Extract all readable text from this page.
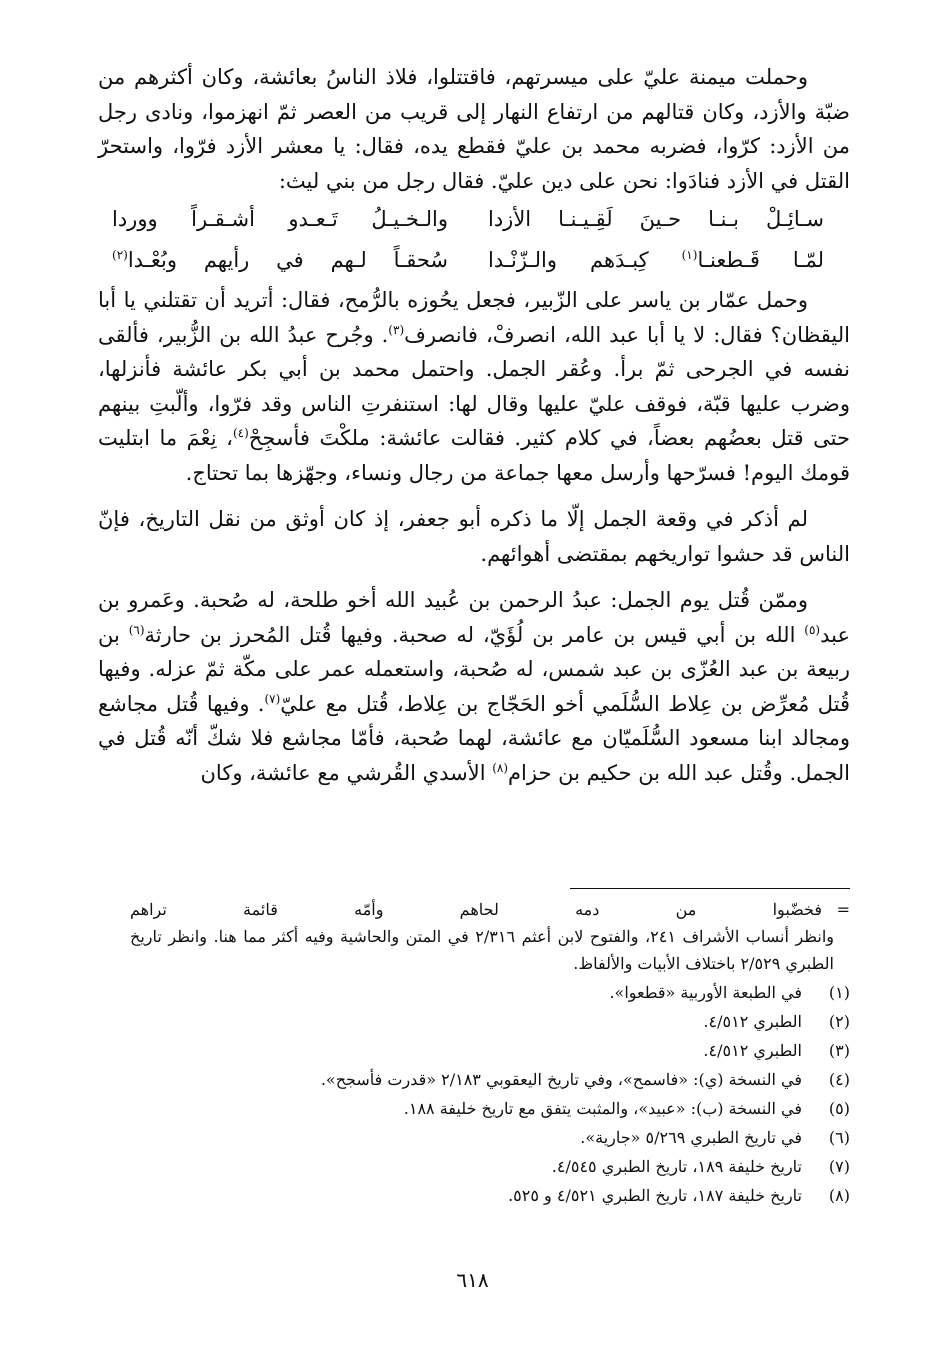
وحملت ميمنة عليّ على ميسرتهم، فاقتتلوا، فلاذ الناسُ بعائشة، وكان أكثرهم من ضبّة والأزد، وكان قتالهم من ارتفاع النهار إلى قريب من العصر ثمّ انهزموا، ونادى رجل من الأزد: كرّوا، فضربه محمد بن عليّ فقطع يده، فقال: يا معشر الأزد فرّوا، واستحرّ القتل في الأزد فنادَوا: نحن على دين عليّ. فقال رجل من بني ليث:

سـائِـلْ بـنـا حـينَ لَقِـيـنـا الأزدا
والـخـيـلُ تَـعـدو أشـقـراً ووردا
لمّـا قَـطعنـا$^{(١)}$ كِبـدَهم والـزّنْـدا
سُحقـاً لـهم في رأيهم وبُعْـدا$^{(٢)}$

وحمل عمّار بن ياسر على الزّبير، فجعل يحُوزه بالرُّمح، فقال: أتريد أن تقتلني يا أبا اليقظان؟ فقال: لا يا أبا عبد الله، انصرفْ، فانصرف$^{(٣)}$. وجُرح عبدُ الله بن الزُّبير، فألقى نفسه في الجرحى ثمّ برأ. وعُقر الجمل. واحتمل محمد بن أبي بكر عائشة فأنزلها، وضرب عليها قبّة، فوقف عليّ عليها وقال لها: استنفرتِ الناس وقد فرّوا، وألّبتِ بينهم حتى قتل بعضُهم بعضاً، في كلام كثير. فقالت عائشة: ملكْتَ فأسجِحْ$^{(٤)}$، نِعْمَ ما ابتليت قومك اليوم! فسرّحها وأرسل معها جماعة من رجال ونساء، وجهّزها بما تحتاج.

لم أذكر في وقعة الجمل إلّا ما ذكره أبو جعفر، إذ كان أوثق من نقل التاريخ، فإنّ الناس قد حشوا تواريخهم بمقتضى أهوائهم.

وممّن قُتل يوم الجمل: عبدُ الرحمن بن عُبيد الله أخو طلحة، له صُحبة. وعَمرو بن عبد$^{(٥)}$ الله بن أبي قيس بن عامر بن لُؤَيّ، له صحبة. وفيها قُتل المُحرز بن حارثة$^{(٦)}$ بن ربيعة بن عبد العُزّى بن عبد شمس، له صُحبة، واستعمله عمر على مكّة ثمّ عزله. وفيها قُتل مُعرِّض بن عِلاط السُّلَمي أخو الحَجّاج بن عِلاط، قُتل مع عليّ$^{(٧)}$. وفيها قُتل مجاشع ومجالد ابنا مسعود السُّلَميّان مع عائشة، لهما صُحبة، فأمّا مجاشع فلا شكّ أنّه قُتل في الجمل. وقُتل عبد الله بن حكيم بن حزام$^{(٨)}$ الأسدي القُرشي مع عائشة، وكان

=
فخضّبوا من دمه لحاهم وأمّه قائمة تراهم

وانظر أنساب الأشراف ٢٤١، والفتوح لابن أعثم ٢/٣١٦ في المتن والحاشية وفيه أكثر مما هنا. وانظر تاريخ الطبري ٢/٥٢٩ باختلاف الأبيات والألفاظ.

(١)
في الطبعة الأوربية «قطعوا».
(٢)
الطبري ٤/٥١٢.
(٣)
الطبري ٤/٥١٢.
(٤)
في النسخة (ي): «فاسمح»، وفي تاريخ اليعقوبي ٢/١٨٣ «قدرت فأسجح».
(٥)
في النسخة (ب): «عبيد»، والمثبت يتفق مع تاريخ خليفة ١٨٨.
(٦)
في تاريخ الطبري ٥/٢٦٩ «جارية».
(٧)
تاريخ خليفة ١٨٩، تاريخ الطبري ٤/٥٤٥.
(٨)
تاريخ خليفة ١٨٧، تاريخ الطبري ٤/٥٢١ و ٥٢٥.
٦١٨
